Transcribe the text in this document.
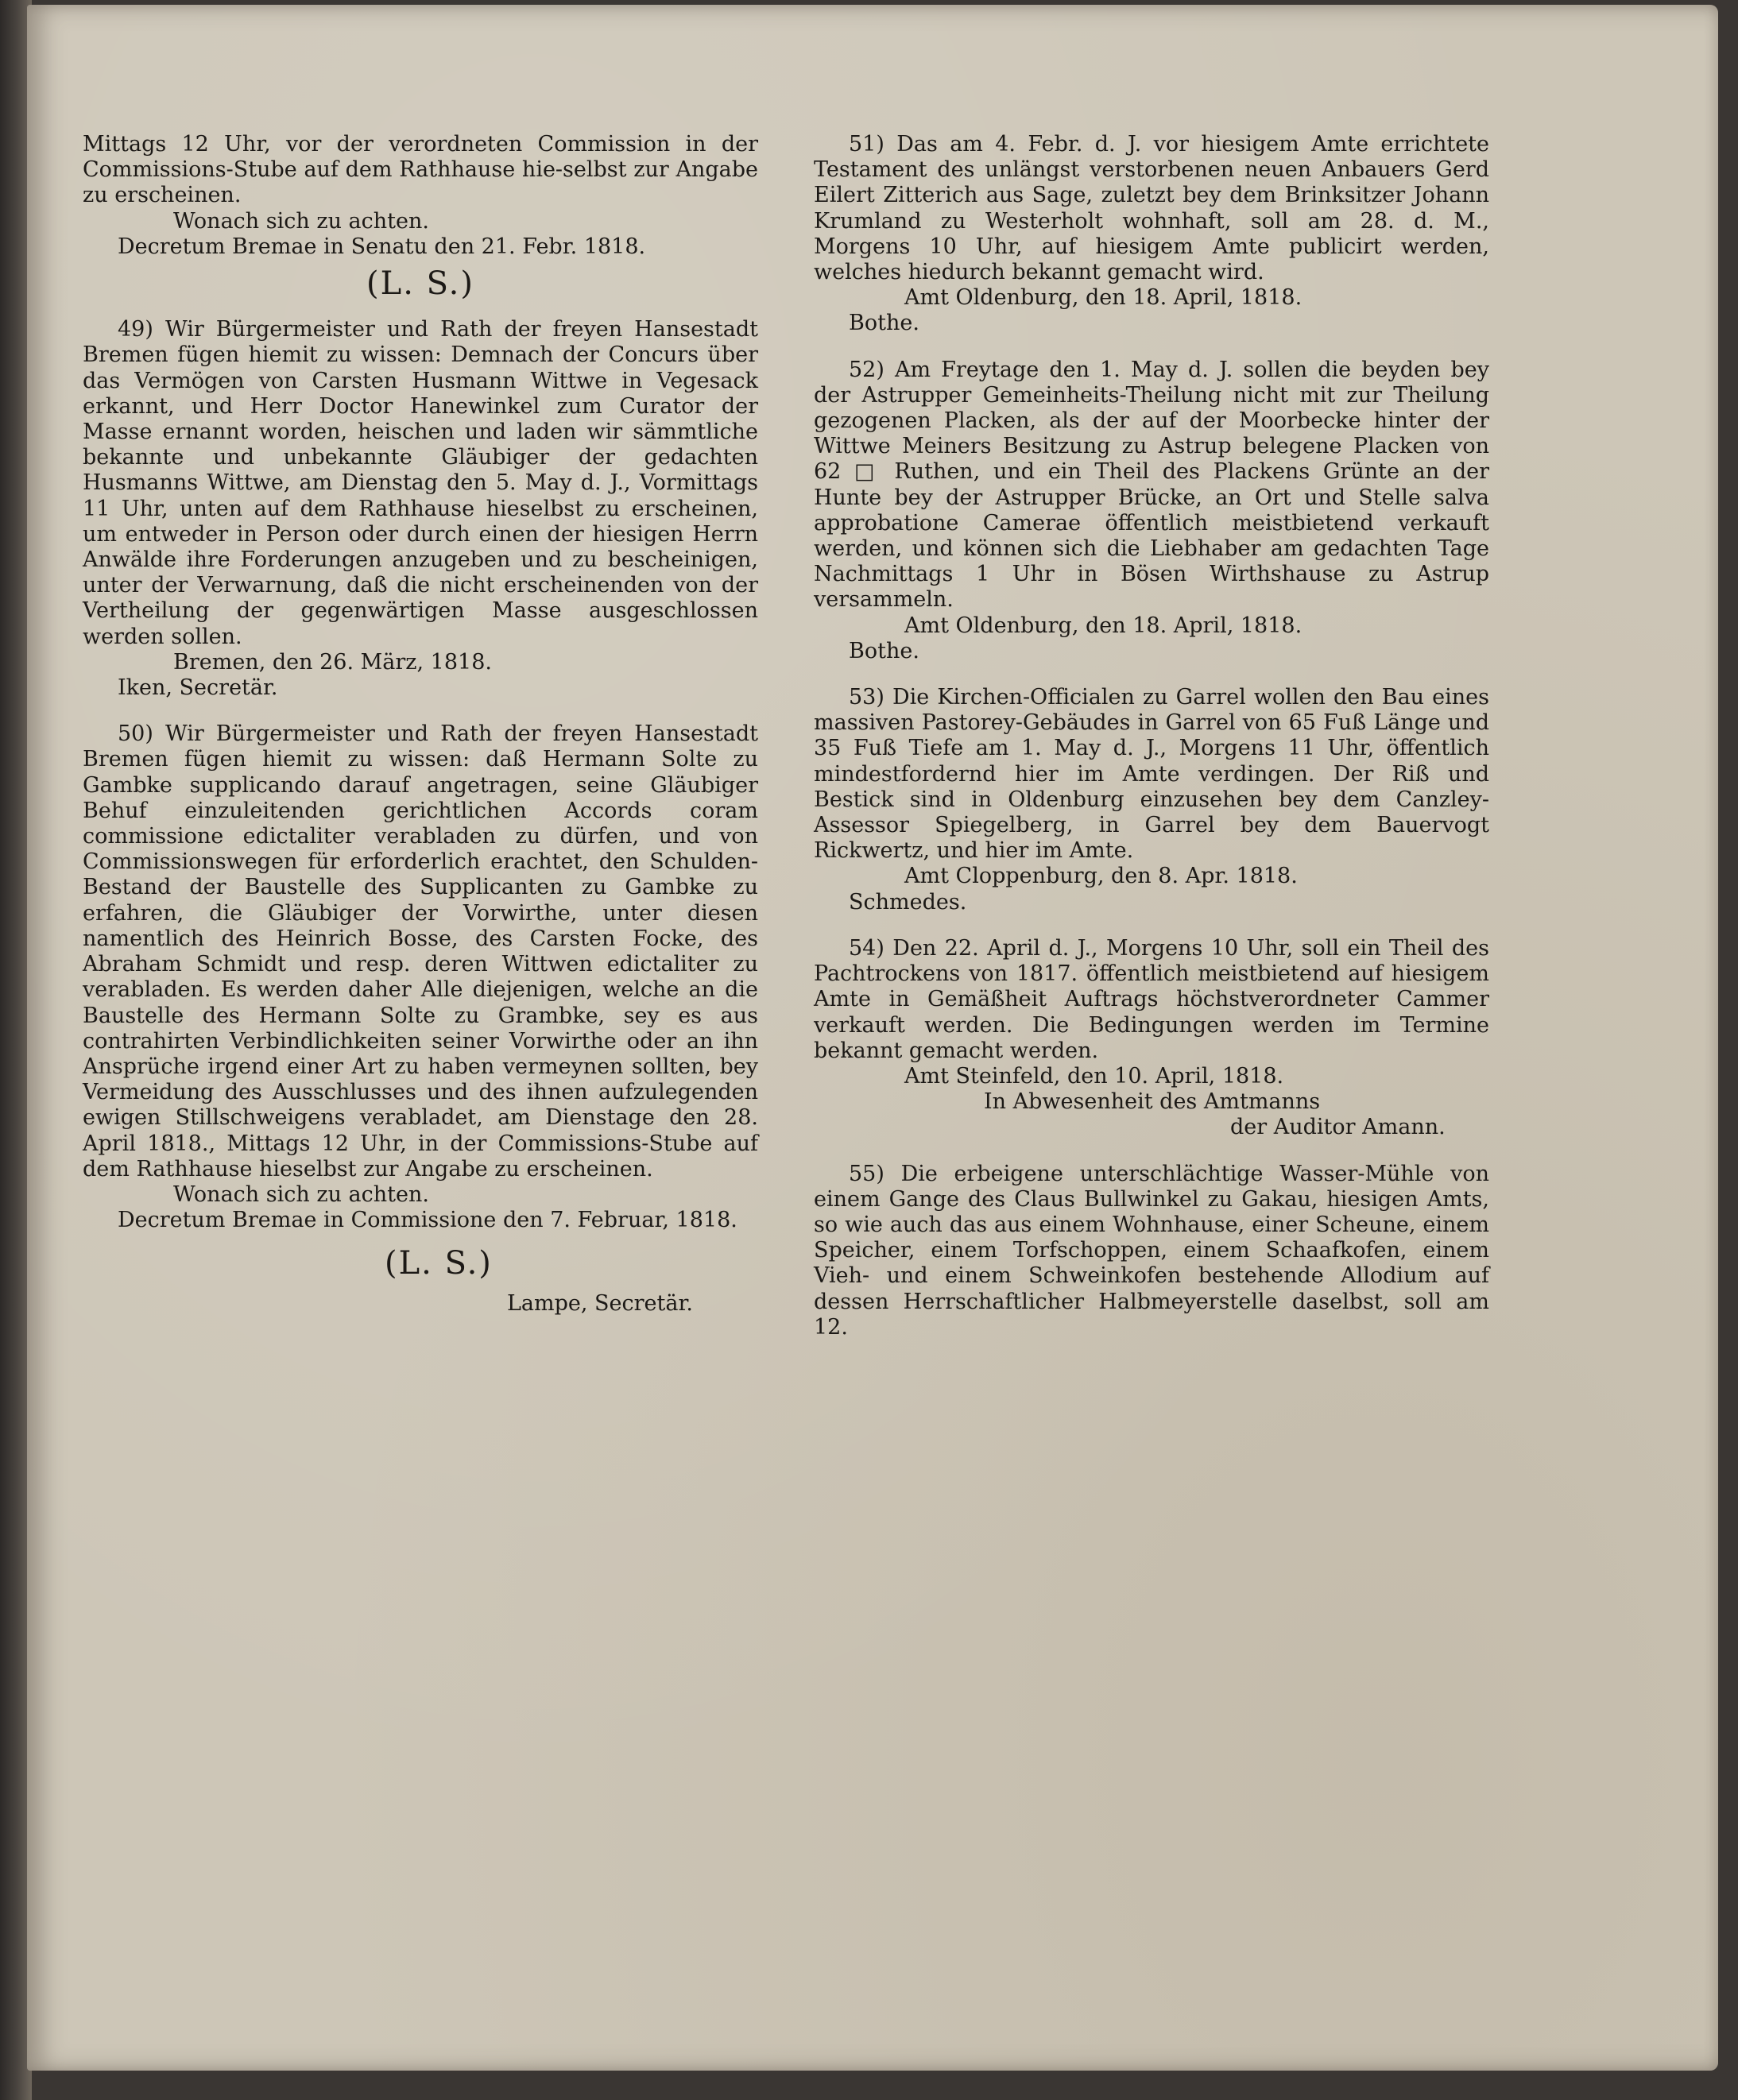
Mittags 12 Uhr, vor der verordneten Commission in der Commissions-Stube auf dem Rathhause hie-selbst zur Angabe zu erscheinen.

Wonach sich zu achten.

Decretum Bremae in Senatu den 21. Febr. 1818.

(L. S.)

49) Wir Bürgermeister und Rath der freyen Hansestadt Bremen fügen hiemit zu wissen: Demnach der Concurs über das Vermögen von Carsten Husmann Wittwe in Vegesack erkannt, und Herr Doctor Hanewinkel zum Curator der Masse ernannt worden, heischen und laden wir sämmtliche bekannte und unbekannte Gläubiger der gedachten Husmanns Wittwe, am Dienstag den 5. May d. J., Vormittags 11 Uhr, unten auf dem Rathhause hieselbst zu erscheinen, um entweder in Person oder durch einen der hiesigen Herrn Anwälde ihre Forderungen anzugeben und zu bescheinigen, unter der Verwarnung, daß die nicht erscheinenden von der Vertheilung der gegenwärtigen Masse ausgeschlossen werden sollen.

Bremen, den 26. März, 1818.

Iken, Secretär.

50) Wir Bürgermeister und Rath der freyen Hansestadt Bremen fügen hiemit zu wissen: daß Hermann Solte zu Gambke supplicando darauf angetragen, seine Gläubiger Behuf einzuleitenden gerichtlichen Accords coram commissione edictaliter verabladen zu dürfen, und von Commissionswegen für erforderlich erachtet, den Schulden-Bestand der Baustelle des Supplicanten zu Gambke zu erfahren, die Gläubiger der Vorwirthe, unter diesen namentlich des Heinrich Bosse, des Carsten Focke, des Abraham Schmidt und resp. deren Wittwen edictaliter zu verabladen. Es werden daher Alle diejenigen, welche an die Baustelle des Hermann Solte zu Grambke, sey es aus contrahirten Verbindlichkeiten seiner Vorwirthe oder an ihn Ansprüche irgend einer Art zu haben vermeynen sollten, bey Vermeidung des Ausschlusses und des ihnen aufzulegenden ewigen Stillschweigens verabladet, am Dienstage den 28. April 1818., Mittags 12 Uhr, in der Commissions-Stube auf dem Rathhause hieselbst zur Angabe zu erscheinen.

Wonach sich zu achten.

Decretum Bremae in Commissione den 7. Februar, 1818.

(L. S.)

Lampe, Secretär.

51) Das am 4. Febr. d. J. vor hiesigem Amte errichtete Testament des unlängst verstorbenen neuen Anbauers Gerd Eilert Zitterich aus Sage, zuletzt bey dem Brinksitzer Johann Krumland zu Westerholt wohnhaft, soll am 28. d. M., Morgens 10 Uhr, auf hiesigem Amte publicirt werden, welches hiedurch bekannt gemacht wird.

Amt Oldenburg, den 18. April, 1818.

Bothe.

52) Am Freytage den 1. May d. J. sollen die beyden bey der Astrupper Gemeinheits-Theilung nicht mit zur Theilung gezogenen Placken, als der auf der Moorbecke hinter der Wittwe Meiners Besitzung zu Astrup belegene Placken von 62 □ Ruthen, und ein Theil des Plackens Grünte an der Hunte bey der Astrupper Brücke, an Ort und Stelle salva approbatione Camerae öffentlich meistbietend verkauft werden, und können sich die Liebhaber am gedachten Tage Nachmittags 1 Uhr in Bösen Wirthshause zu Astrup versammeln.

Amt Oldenburg, den 18. April, 1818.

Bothe.

53) Die Kirchen-Officialen zu Garrel wollen den Bau eines massiven Pastorey-Gebäudes in Garrel von 65 Fuß Länge und 35 Fuß Tiefe am 1. May d. J., Morgens 11 Uhr, öffentlich mindestfordernd hier im Amte verdingen. Der Riß und Bestick sind in Oldenburg einzusehen bey dem Canzley-Assessor Spiegelberg, in Garrel bey dem Bauervogt Rickwertz, und hier im Amte.

Amt Cloppenburg, den 8. Apr. 1818.

Schmedes.

54) Den 22. April d. J., Morgens 10 Uhr, soll ein Theil des Pachtrockens von 1817. öffentlich meistbietend auf hiesigem Amte in Gemäßheit Auftrags höchstverordneter Cammer verkauft werden. Die Bedingungen werden im Termine bekannt gemacht werden.

Amt Steinfeld, den 10. April, 1818.

In Abwesenheit des Amtmanns

der Auditor Amann.

55) Die erbeigene unterschlächtige Wasser-Mühle von einem Gange des Claus Bullwinkel zu Gakau, hiesigen Amts, so wie auch das aus einem Wohnhause, einer Scheune, einem Speicher, einem Torfschoppen, einem Schaafkofen, einem Vieh- und einem Schweinkofen bestehende Allodium auf dessen Herrschaftlicher Halbmeyerstelle daselbst, soll am 12.
